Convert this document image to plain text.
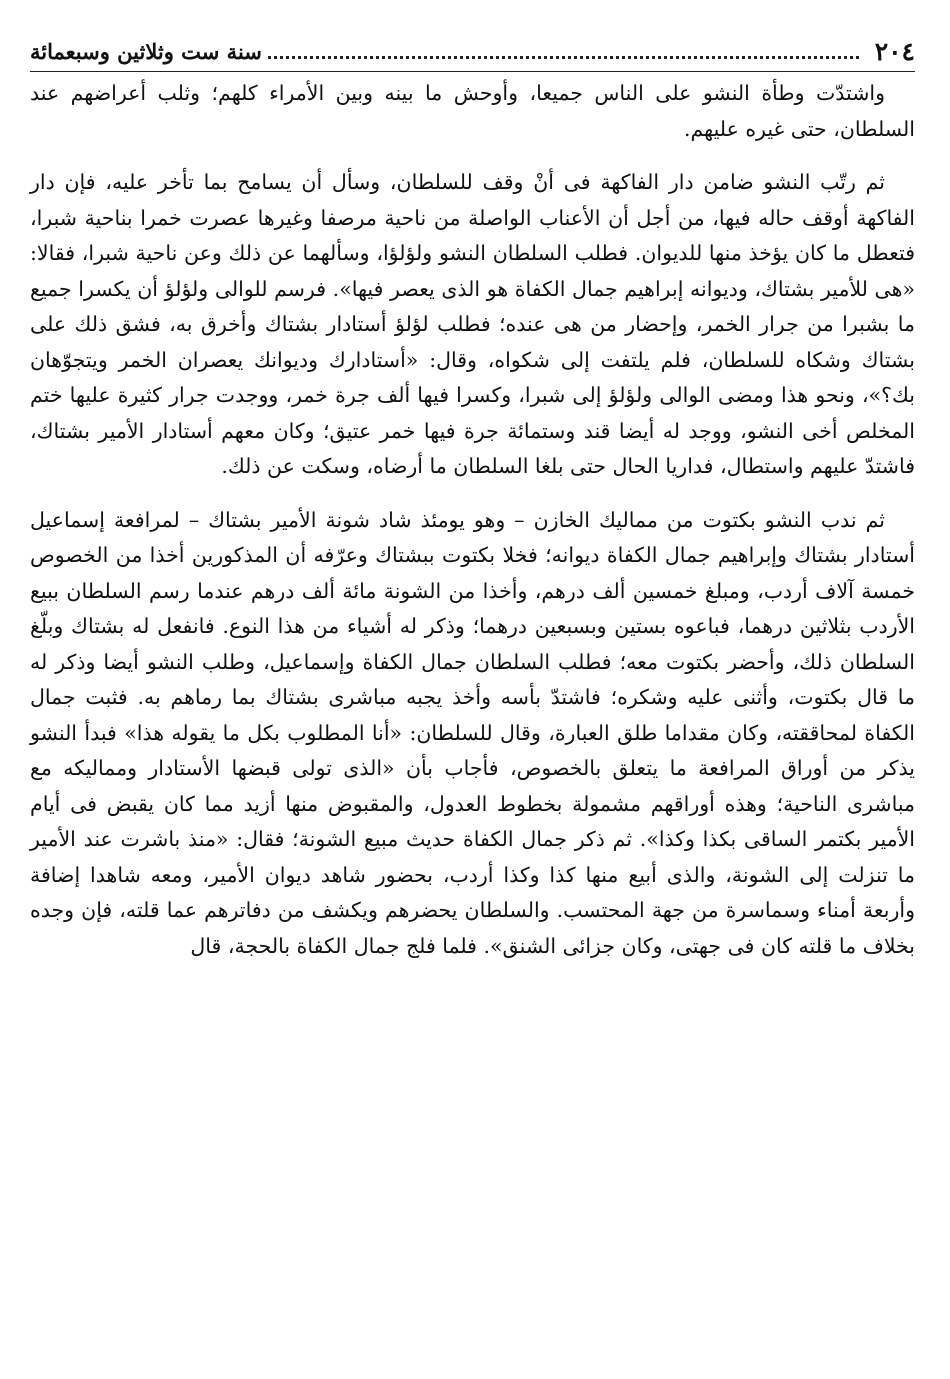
٢٠٤
سنة ست وثلاثين وسبعمائة

واشتدّت وطأة النشو على الناس جميعا، وأوحش ما بينه وبين الأمراء كلهم؛ وثلب أعراضهم عند السلطان، حتى غيره عليهم.

ثم رتّب النشو ضامن دار الفاكهة فى أنْ وقف للسلطان، وسأل أن يسامح بما تأخر عليه، فإن دار الفاكهة أوقف حاله فيها، من أجل أن الأعناب الواصلة من ناحية مرصفا وغيرها عصرت خمرا بناحية شبرا، فتعطل ما كان يؤخذ منها للديوان. فطلب السلطان النشو ولؤلؤا، وسألهما عن ذلك وعن ناحية شبرا، فقالا: «هى للأمير بشتاك، وديوانه إبراهيم جمال الكفاة هو الذى يعصر فيها». فرسم للوالى ولؤلؤ أن يكسرا جميع ما بشبرا من جرار الخمر، وإحضار من هى عنده؛ فطلب لؤلؤ أستادار بشتاك وأخرق به، فشق ذلك على بشتاك وشكاه للسلطان، فلم يلتفت إلى شكواه، وقال: «أستادارك وديوانك يعصران الخمر ويتجوّهان بك؟»، ونحو هذا ومضى الوالى ولؤلؤ إلى شبرا، وكسرا فيها ألف جرة خمر، ووجدت جرار كثيرة عليها ختم المخلص أخى النشو، ووجد له أيضا قند وستمائة جرة فيها خمر عتيق؛ وكان معهم أستادار الأمير بشتاك، فاشتدّ عليهم واستطال، فداريا الحال حتى بلغا السلطان ما أرضاه، وسكت عن ذلك.

ثم ندب النشو بكتوت من مماليك الخازن – وهو يومئذ شاد شونة الأمير بشتاك – لمرافعة إسماعيل أستادار بشتاك وإبراهيم جمال الكفاة ديوانه؛ فخلا بكتوت ببشتاك وعرّفه أن المذكورين أخذا من الخصوص خمسة آلاف أردب، ومبلغ خمسين ألف درهم، وأخذا من الشونة مائة ألف درهم عندما رسم السلطان ببيع الأردب بثلاثين درهما، فباعوه بستين وبسبعين درهما؛ وذكر له أشياء من هذا النوع. فانفعل له بشتاك وبلّغ السلطان ذلك، وأحضر بكتوت معه؛ فطلب السلطان جمال الكفاة وإسماعيل، وطلب النشو أيضا وذكر له ما قال بكتوت، وأثنى عليه وشكره؛ فاشتدّ بأسه وأخذ يجبه مباشرى بشتاك بما رماهم به. فثبت جمال الكفاة لمحاققته، وكان مقداما طلق العبارة، وقال للسلطان: «أنا المطلوب بكل ما يقوله هذا» فبدأ النشو يذكر من أوراق المرافعة ما يتعلق بالخصوص، فأجاب بأن «الذى تولى قبضها الأستادار ومماليكه مع مباشرى الناحية؛ وهذه أوراقهم مشمولة بخطوط العدول، والمقبوض منها أزيد مما كان يقبض فى أيام الأمير بكتمر الساقى بكذا وكذا». ثم ذكر جمال الكفاة حديث مبيع الشونة؛ فقال: «منذ باشرت عند الأمير ما تنزلت إلى الشونة، والذى أبيع منها كذا وكذا أردب، بحضور شاهد ديوان الأمير، ومعه شاهدا إضافة وأربعة أمناء وسماسرة من جهة المحتسب. والسلطان يحضرهم ويكشف من دفاترهم عما قلته، فإن وجده بخلاف ما قلته كان فى جهتى، وكان جزائى الشنق». فلما فلج جمال الكفاة بالحجة، قال
